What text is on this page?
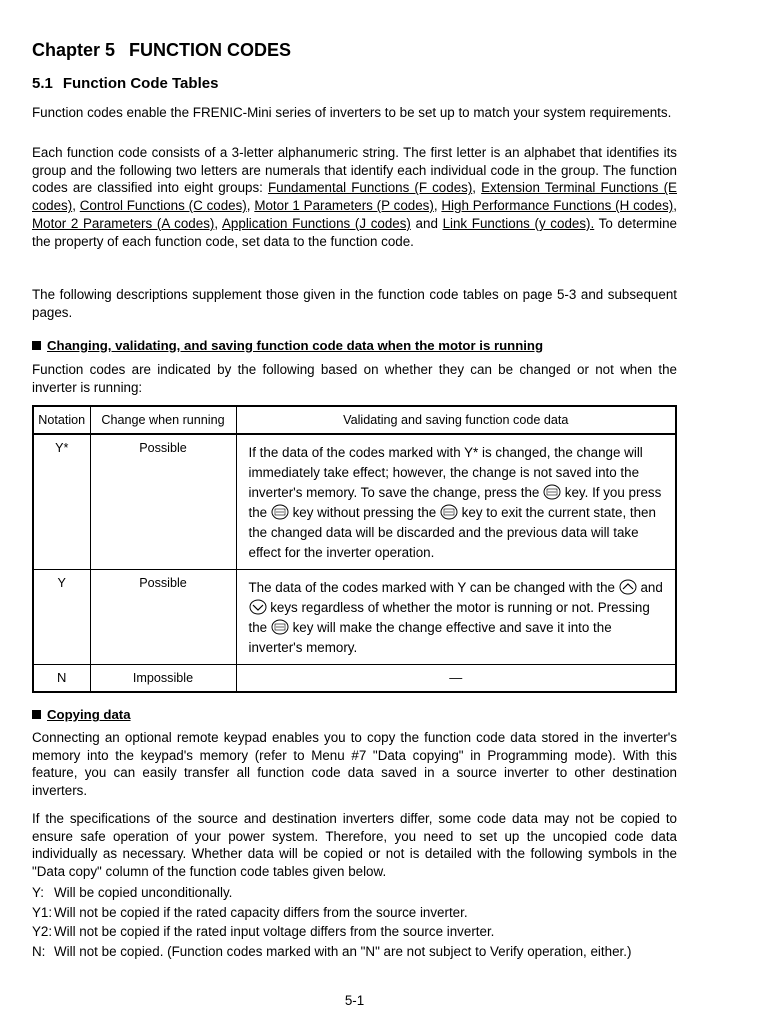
Chapter 5 FUNCTION CODES
5.1 Function Code Tables

Function codes enable the FRENIC-Mini series of inverters to be set up to match your system requirements.

Each function code consists of a 3-letter alphanumeric string. The first letter is an alphabet that identifies its group and the following two letters are numerals that identify each individual code in the group. The function codes are classified into eight groups: Fundamental Functions (F codes), Extension Terminal Functions (E codes), Control Functions (C codes), Motor 1 Parameters (P codes), High Performance Functions (H codes), Motor 2 Parameters (A codes), Application Functions (J codes) and Link Functions (y codes). To determine the property of each function code, set data to the function code.

The following descriptions supplement those given in the function code tables on page 5-3 and subsequent pages.

Changing, validating, and saving function code data when the motor is running

Function codes are indicated by the following based on whether they can be changed or not when the inverter is running:

Notation	Change when running	Validating and saving function code data
Y*	Possible	If the data of the codes marked with Y* is changed, the change will immediately take effect; however, the change is not saved into the inverter's memory. To save the change, press the  key. If you press the  key without pressing the  key to exit the current state, then the changed data will be discarded and the previous data will take effect for the inverter operation.
Y	Possible	The data of the codes marked with Y can be changed with the  and  keys regardless of whether the motor is running or not. Pressing the  key will make the change effective and save it into the inverter's memory.
N	Impossible	—
Copying data

Connecting an optional remote keypad enables you to copy the function code data stored in the inverter's memory into the keypad's memory (refer to Menu #7 "Data copying" in Programming mode). With this feature, you can easily transfer all function code data saved in a source inverter to other destination inverters.

If the specifications of the source and destination inverters differ, some code data may not be copied to ensure safe operation of your power system. Therefore, you need to set up the uncopied code data individually as necessary. Whether data will be copied or not is detailed with the following symbols in the "Data copy" column of the function code tables given below.

Y: Will be copied unconditionally.
Y1: Will not be copied if the rated capacity differs from the source inverter.
Y2: Will not be copied if the rated input voltage differs from the source inverter.
N: Will not be copied. (Function codes marked with an "N" are not subject to Verify operation, either.)
5-1
